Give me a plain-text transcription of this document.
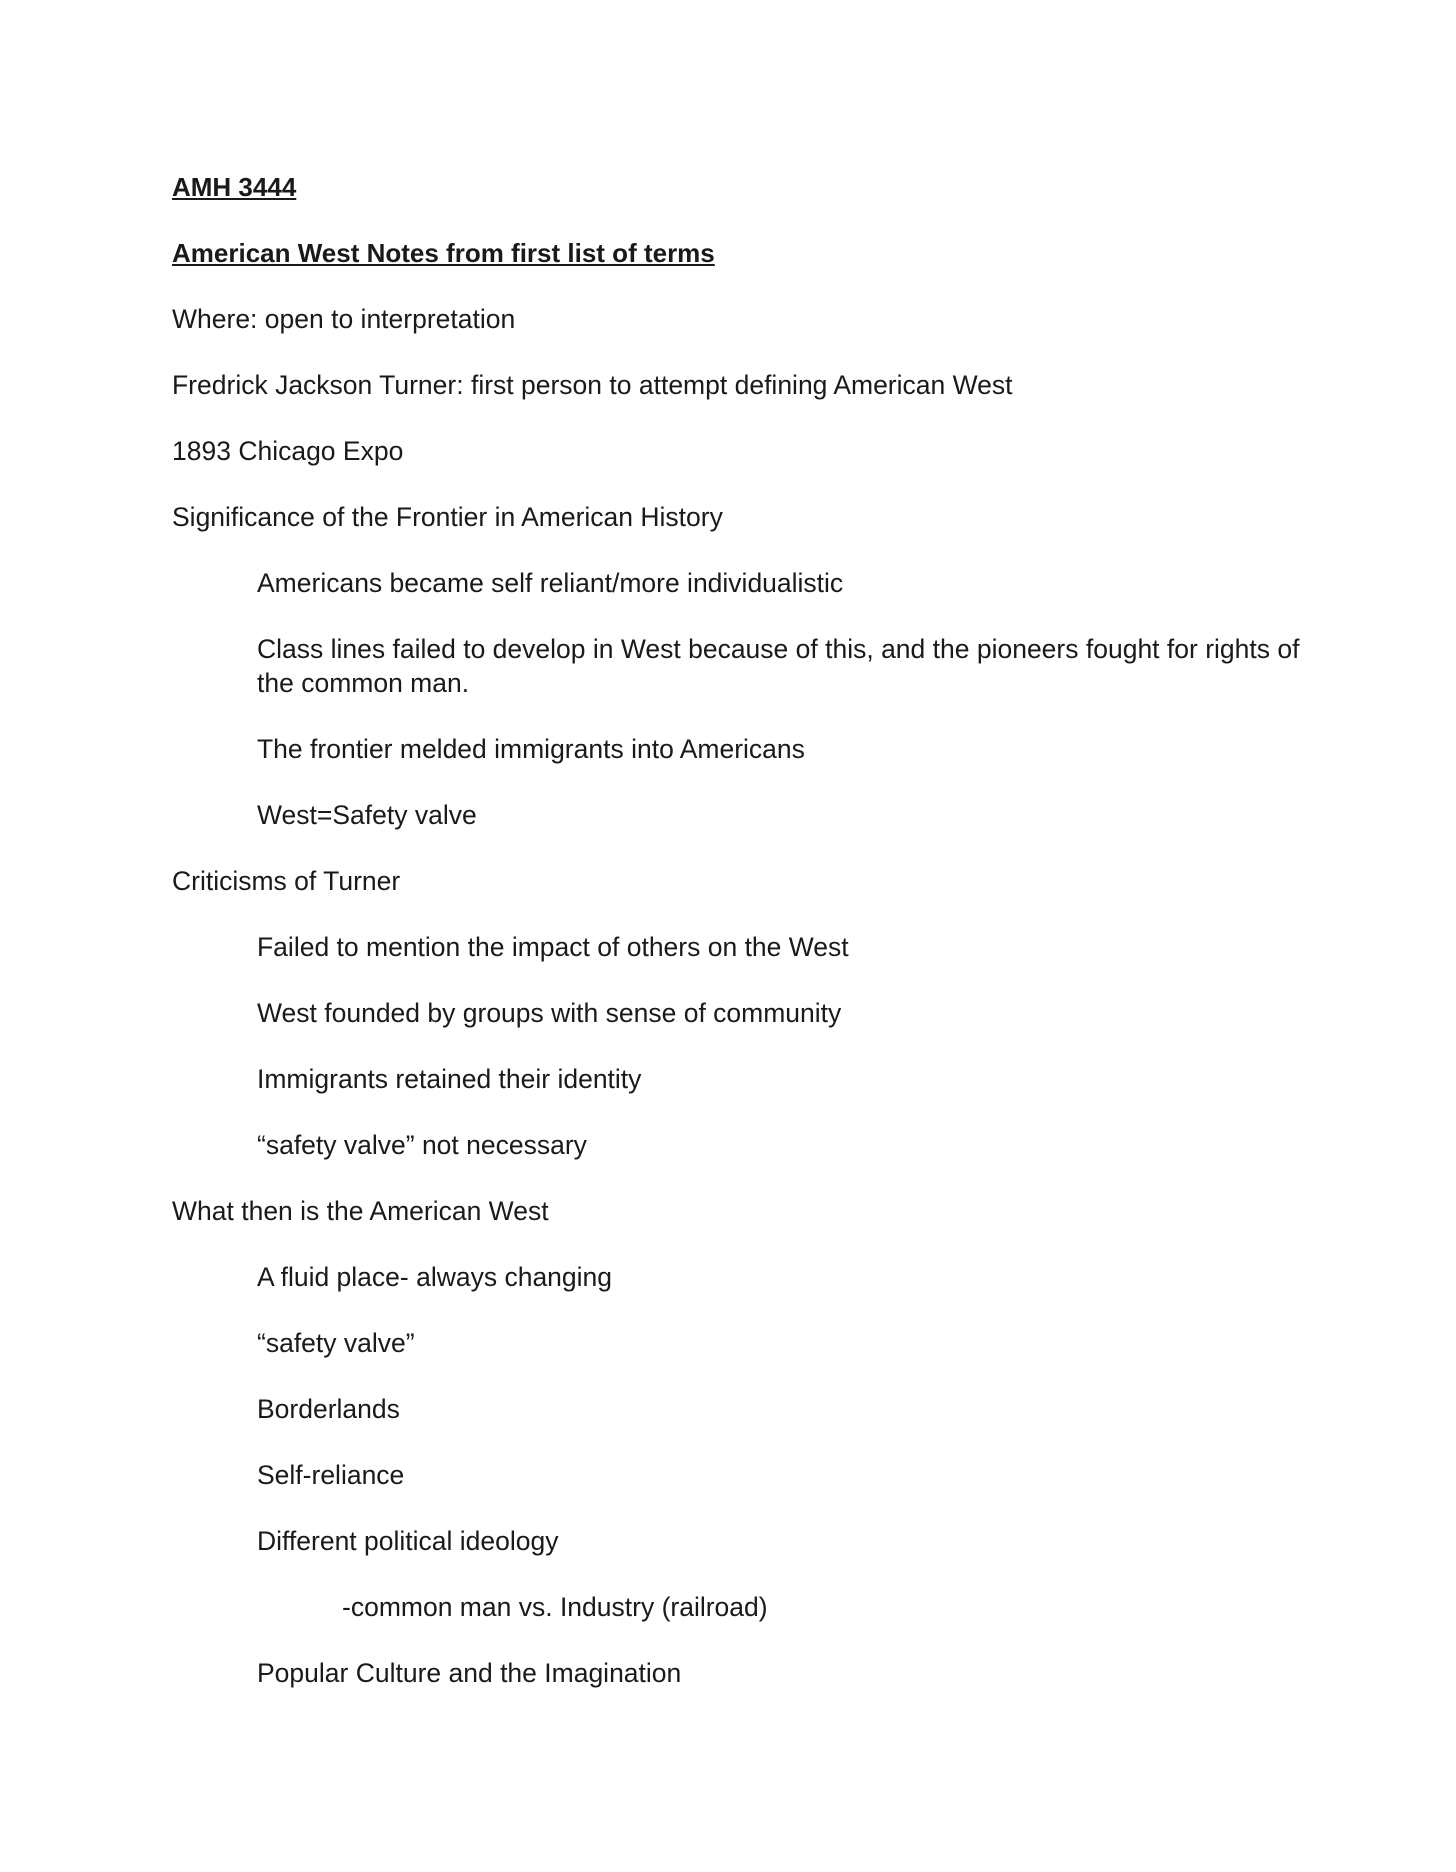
AMH 3444

American West Notes from first list of terms

Where: open to interpretation

Fredrick Jackson Turner: first person to attempt defining American West

1893 Chicago Expo

Significance of the Frontier in American History

Americans became self reliant/more individualistic

Class lines failed to develop in West because of this, and the pioneers fought for rights of the common man.

The frontier melded immigrants into Americans

West=Safety valve

Criticisms of Turner

Failed to mention the impact of others on the West

West founded by groups with sense of community

Immigrants retained their identity

“safety valve” not necessary

What then is the American West

A fluid place- always changing

“safety valve”

Borderlands

Self-reliance

Different political ideology

-common man vs. Industry (railroad)

Popular Culture and the Imagination
